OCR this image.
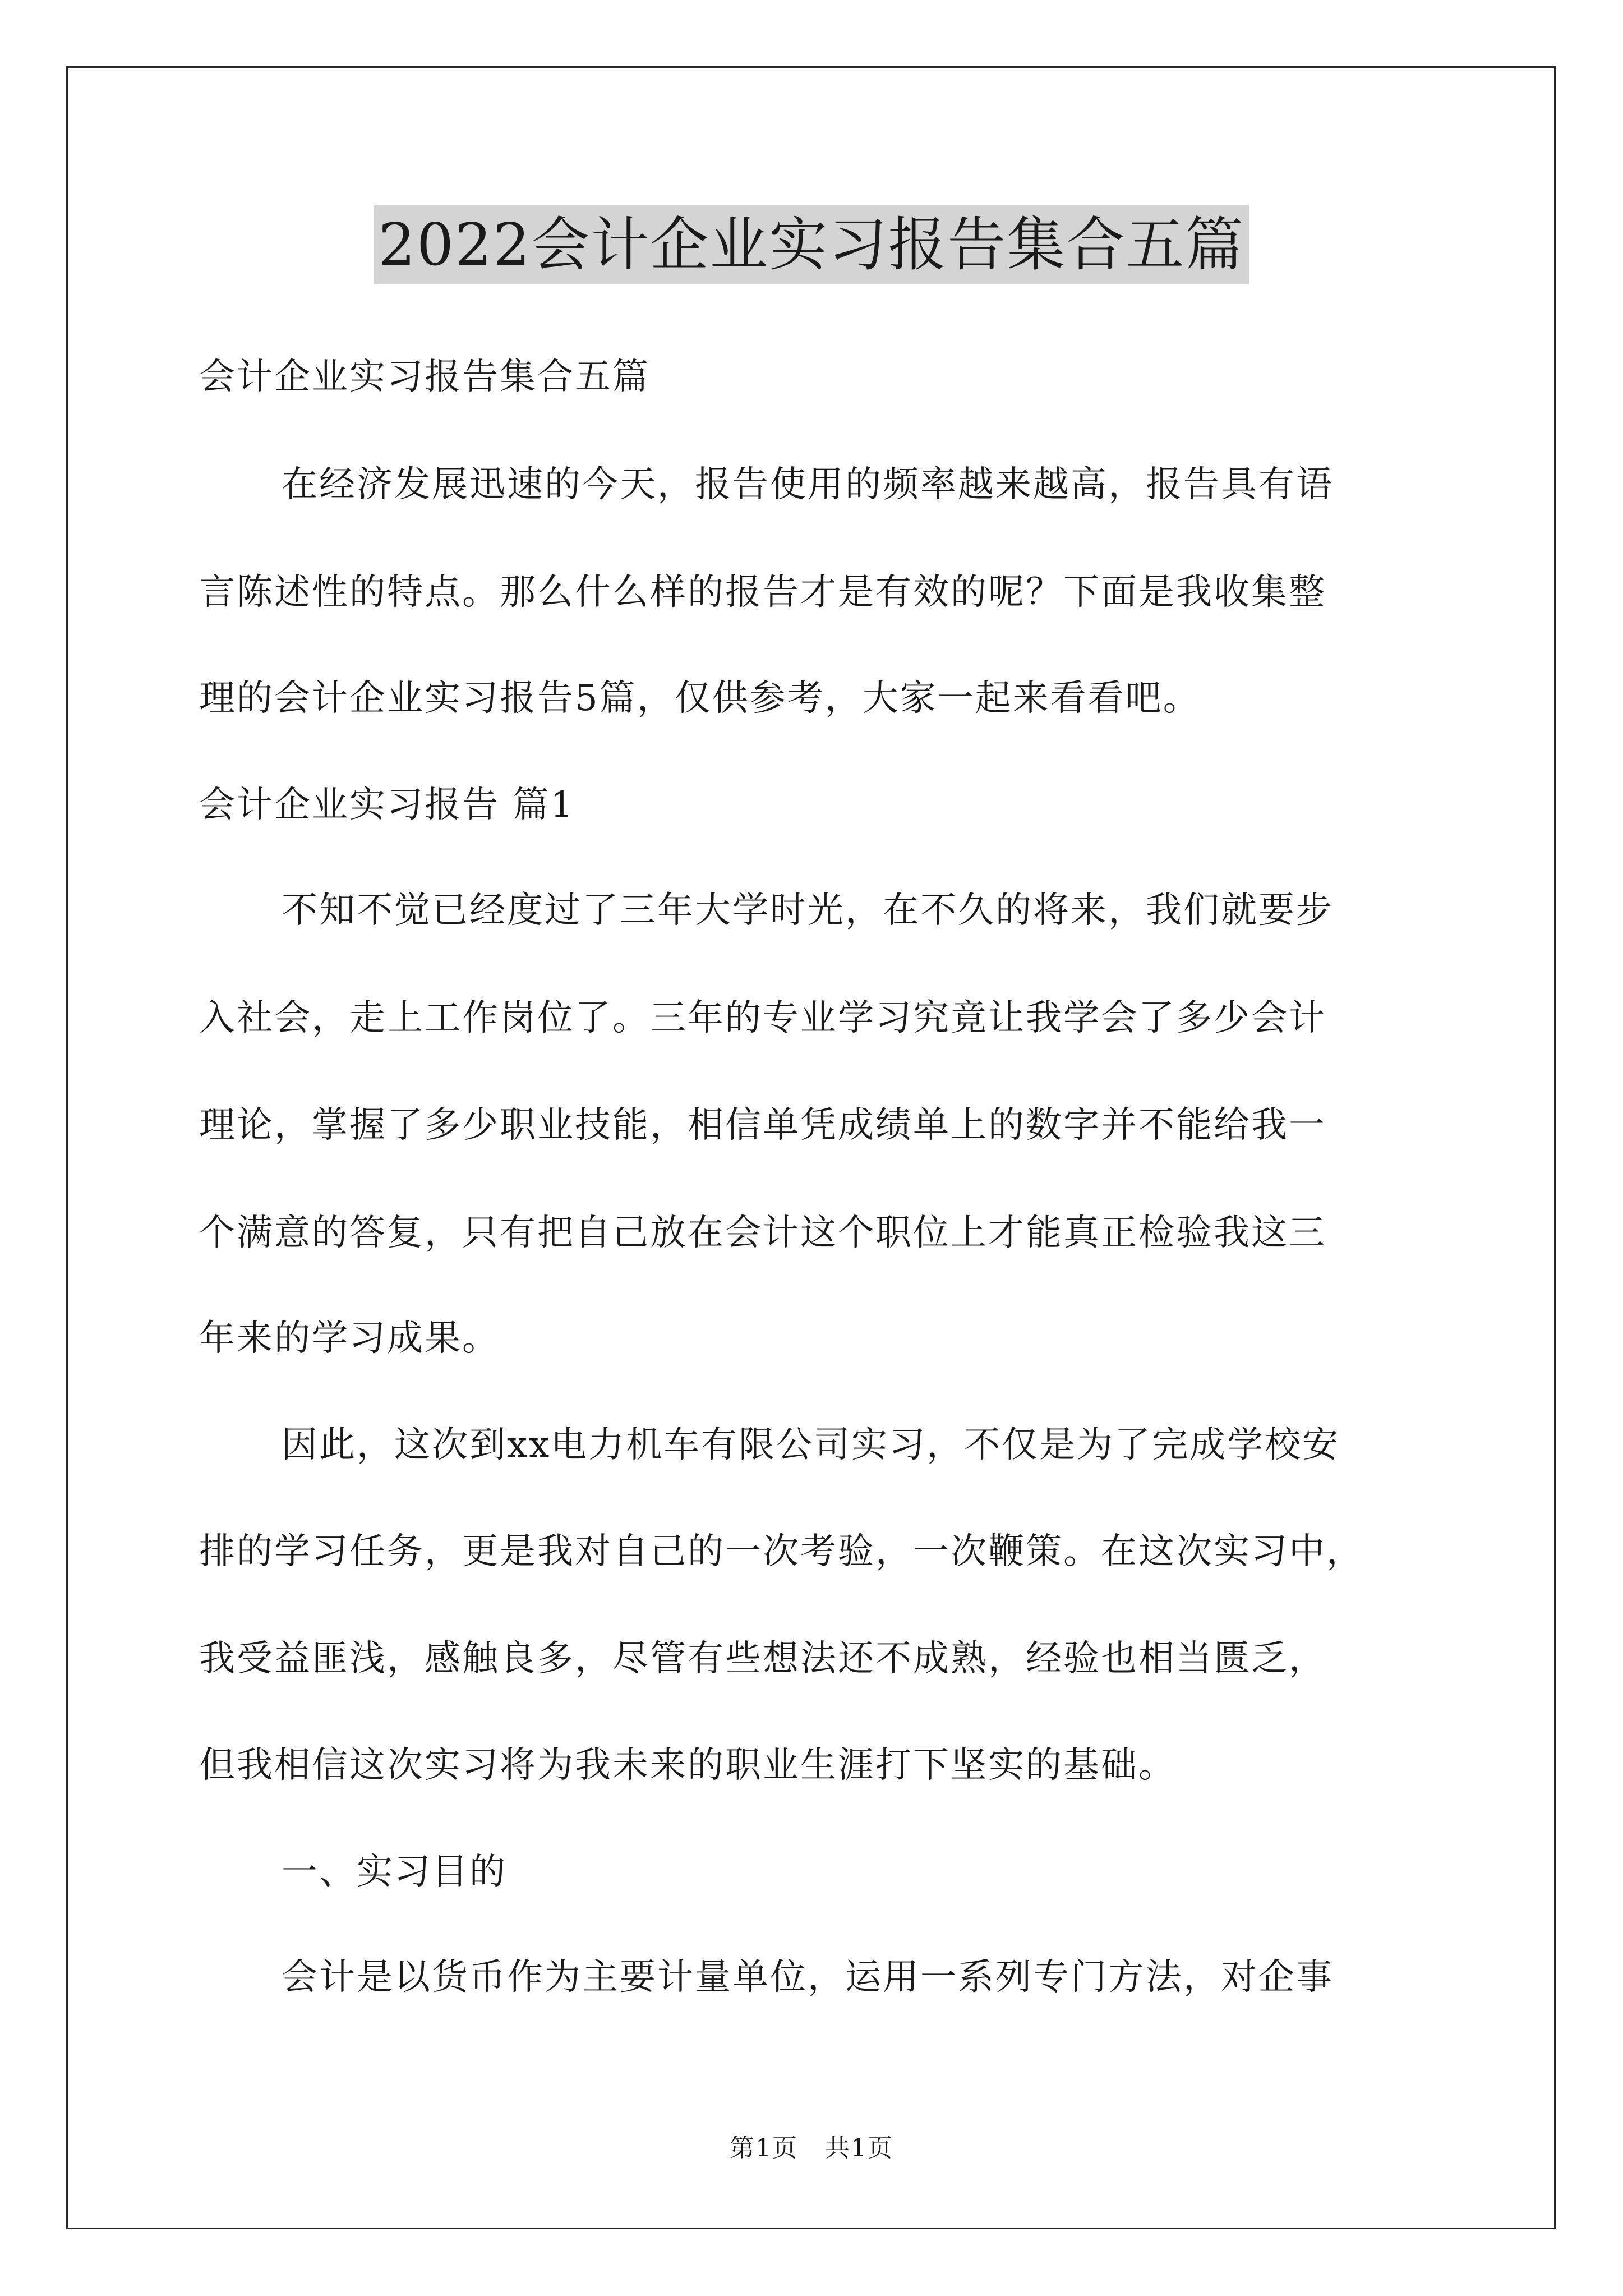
2022会计企业实习报告集合五篇
会计企业实习报告集合五篇
在经济发展迅速的今天，报告使用的频率越来越高，报告具有语
言陈述性的特点。那么什么样的报告才是有效的呢？下面是我收集整
理的会计企业实习报告5篇，仅供参考，大家一起来看看吧。
会计企业实习报告 篇1
不知不觉已经度过了三年大学时光，在不久的将来，我们就要步
入社会，走上工作岗位了。三年的专业学习究竟让我学会了多少会计
理论，掌握了多少职业技能，相信单凭成绩单上的数字并不能给我一
个满意的答复，只有把自己放在会计这个职位上才能真正检验我这三
年来的学习成果。
因此，这次到xx电力机车有限公司实习，不仅是为了完成学校安
排的学习任务，更是我对自己的一次考验，一次鞭策。在这次实习中，
我受益匪浅，感触良多，尽管有些想法还不成熟，经验也相当匮乏，
但我相信这次实习将为我未来的职业生涯打下坚实的基础。
一、实习目的
会计是以货币作为主要计量单位，运用一系列专门方法，对企事
第1页 共1页
